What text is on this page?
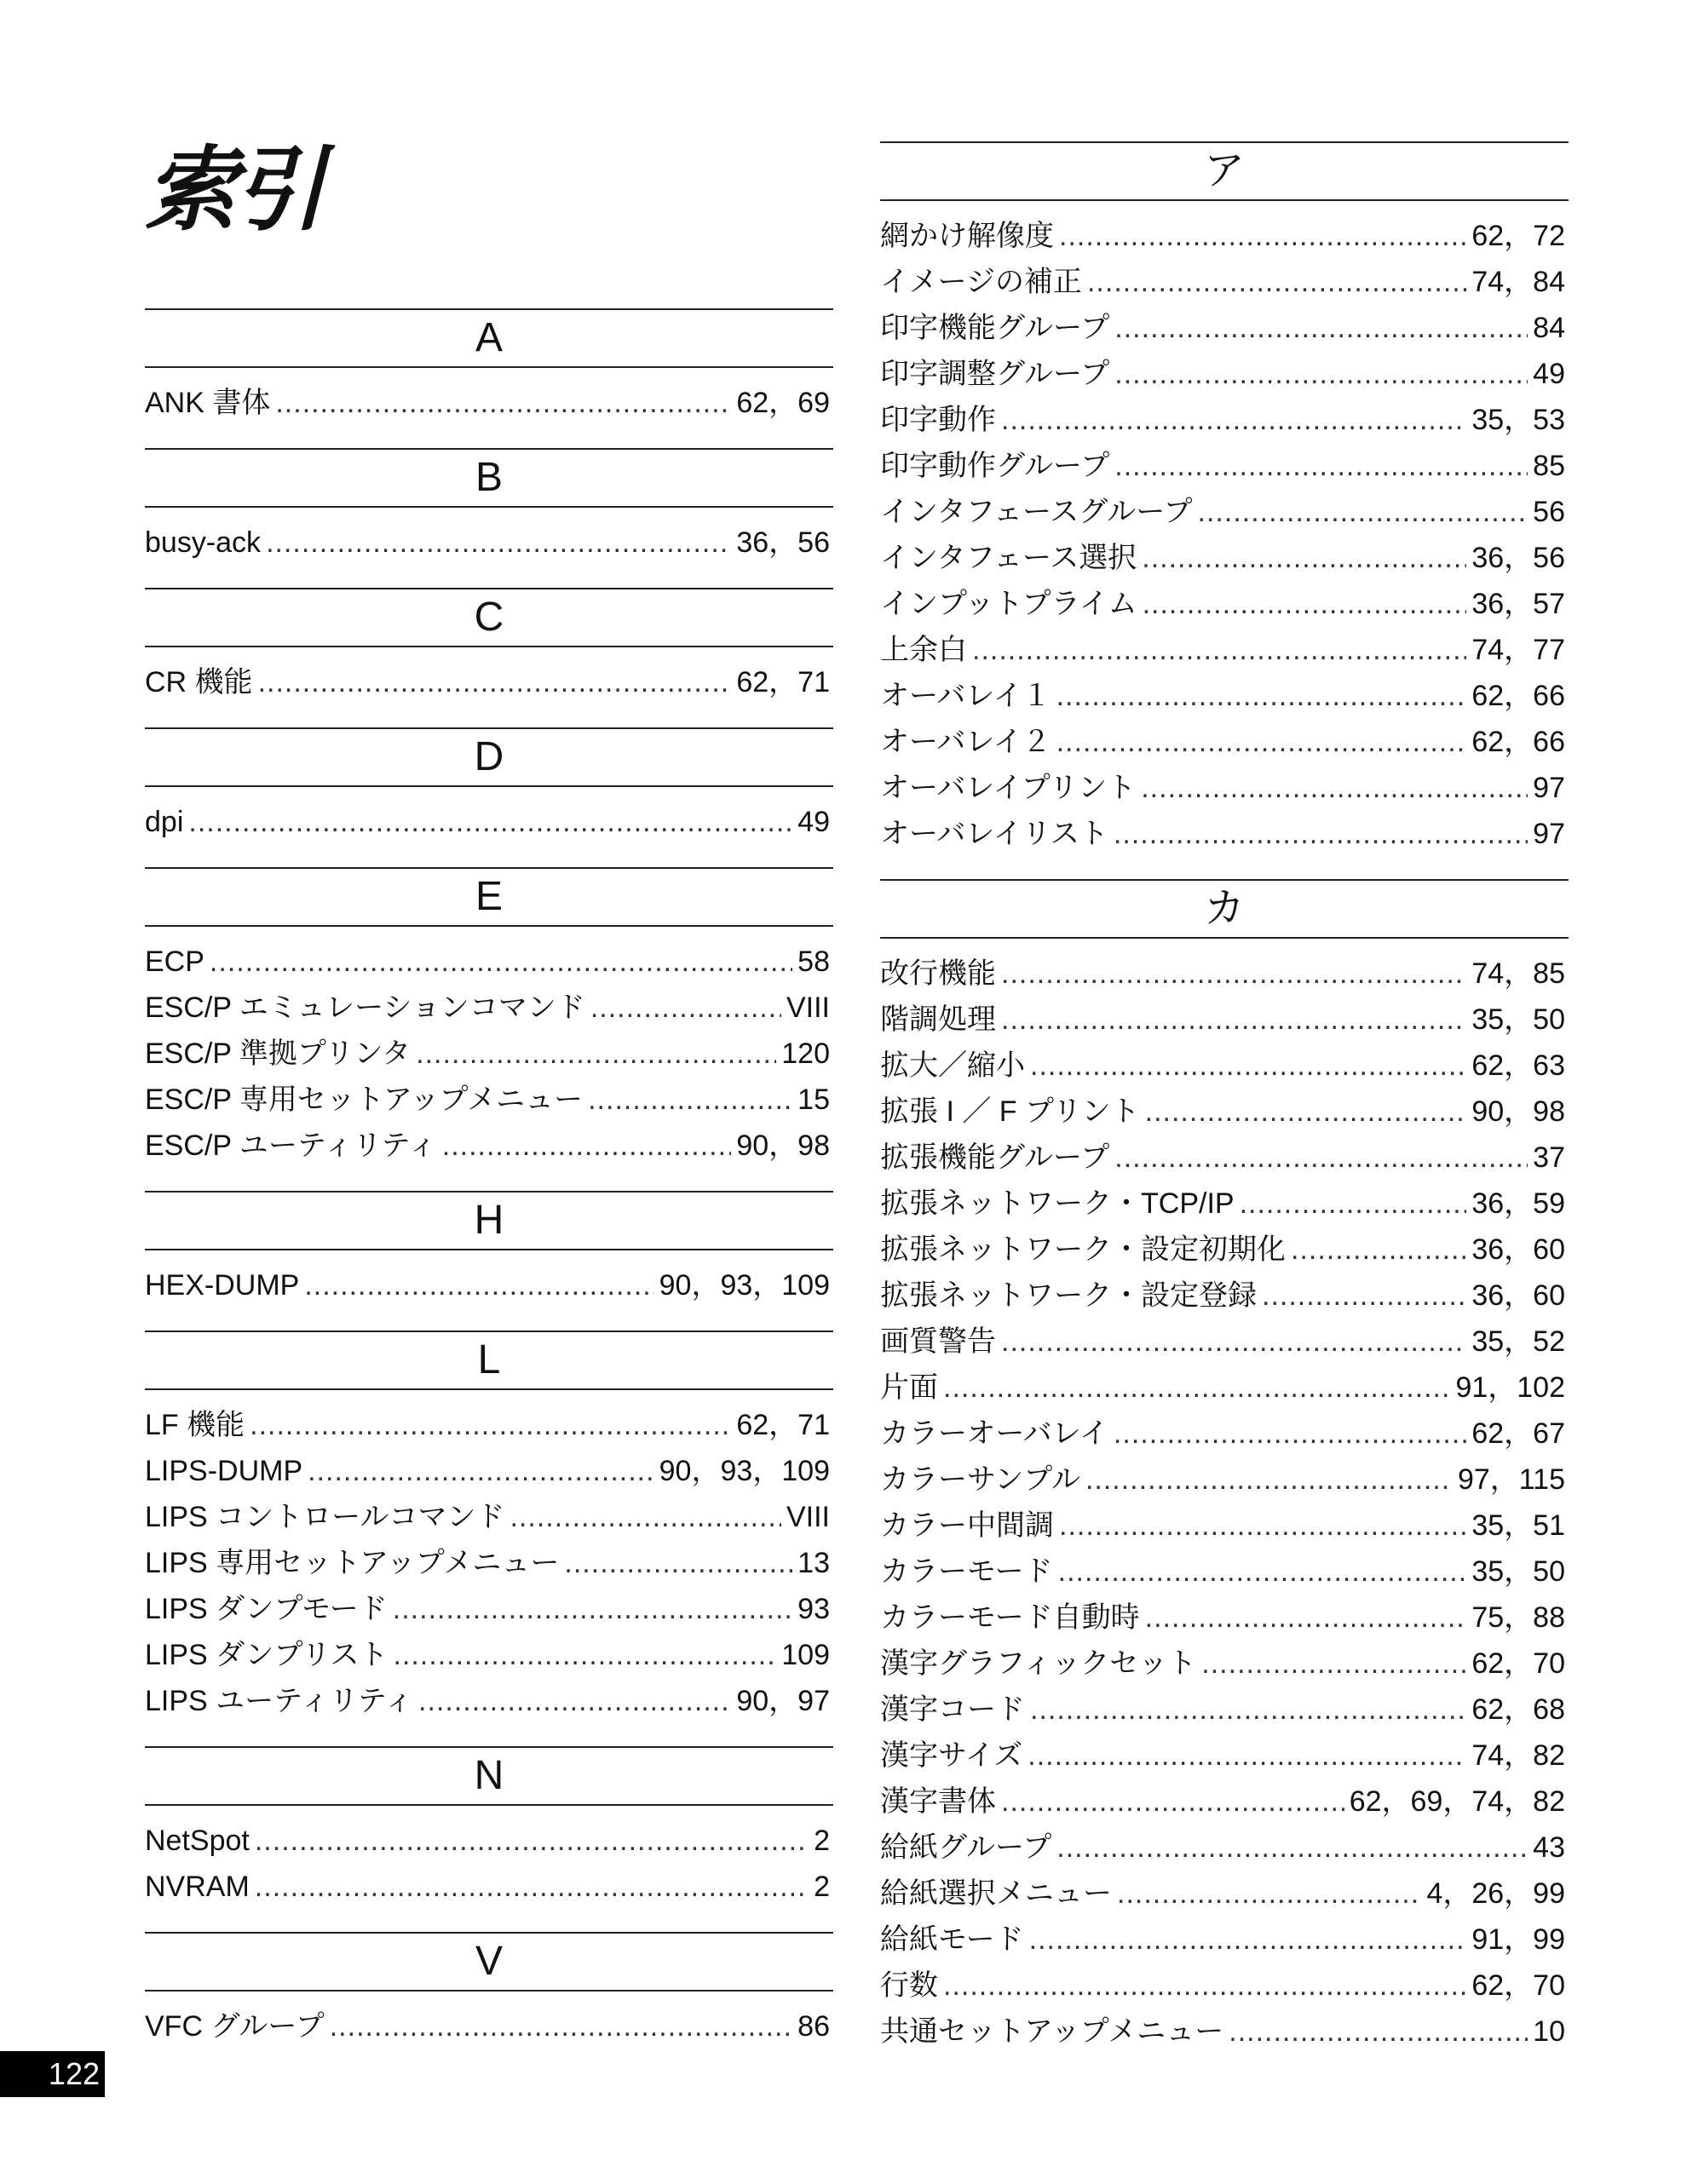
索引
A
ANK 書体 .....	62，69
B
busy-ack .....	36，56
C
CR 機能 .....	62，71
D
dpi .....	49
E
ECP .....	58
ESC/P エミュレーションコマンド .....	VIII
ESC/P 準拠プリンタ .....	120
ESC/P 専用セットアップメニュー .....	15
ESC/P ユーティリティ .....	90，98
H
HEX-DUMP .....	90，93，109
L
LF 機能 .....	62，71
LIPS-DUMP .....	90，93，109
LIPS コントロールコマンド .....	VIII
LIPS 専用セットアップメニュー .....	13
LIPS ダンプモード .....	93
LIPS ダンプリスト .....	109
LIPS ユーティリティ .....	90，97
N
NetSpot .....	2
NVRAM .....	2
V
VFC グループ .....	86
ア
網かけ解像度 .....	62，72
イメージの補正 .....	74，84
印字機能グループ .....	84
印字調整グループ .....	49
印字動作 .....	35，53
印字動作グループ .....	85
インタフェースグループ .....	56
インタフェース選択 .....	36，56
インプットプライム .....	36，57
上余白 .....	74，77
オーバレイ１ .....	62，66
オーバレイ２ .....	62，66
オーバレイプリント .....	97
オーバレイリスト .....	97
カ
改行機能 .....	74，85
階調処理 .....	35，50
拡大／縮小 .....	62，63
拡張 I ／ F プリント .....	90，98
拡張機能グループ .....	37
拡張ネットワーク・TCP/IP .....	36，59
拡張ネットワーク・設定初期化 .....	36，60
拡張ネットワーク・設定登録 .....	36，60
画質警告 .....	35，52
片面 .....	91，102
カラーオーバレイ .....	62，67
カラーサンプル .....	97，115
カラー中間調 .....	35，51
カラーモード .....	35，50
カラーモード自動時 .....	75，88
漢字グラフィックセット .....	62，70
漢字コード .....	62，68
漢字サイズ .....	74，82
漢字書体 .....	62，69，74，82
給紙グループ .....	43
給紙選択メニュー .....	4，26，99
給紙モード .....	91，99
行数 .....	62，70
共通セットアップメニュー .....	10
122
